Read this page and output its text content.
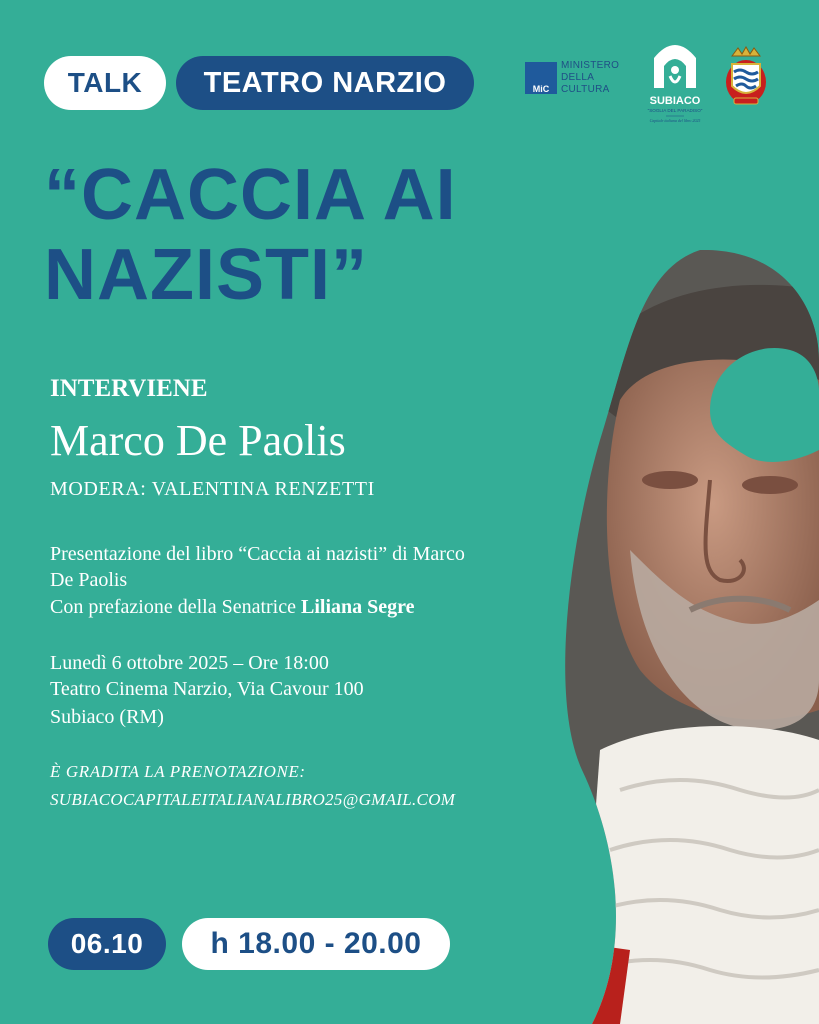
TALK	TEATRO NARZIO	MiC
MINISTERO
DELLA
CULTURA
SUBIACO
"SOGLIA DEL PARADISO"
Capitale italiana del libro 2025
“CACCIA AI
NAZISTI”
INTERVIENE
Marco De Paolis
MODERA: VALENTINA RENZETTI
Presentazione del libro “Caccia ai nazisti” di Marco
De Paolis
Con prefazione della Senatrice Liliana Segre
Lunedì 6 ottobre 2025 – Ore 18:00
Teatro Cinema Narzio, Via Cavour 100
Subiaco (RM)
È GRADITA LA PRENOTAZIONE:
SUBIACOCAPITALEITALIANALIBRO25@GMAIL.COM
06.10	h 18.00 - 20.00
